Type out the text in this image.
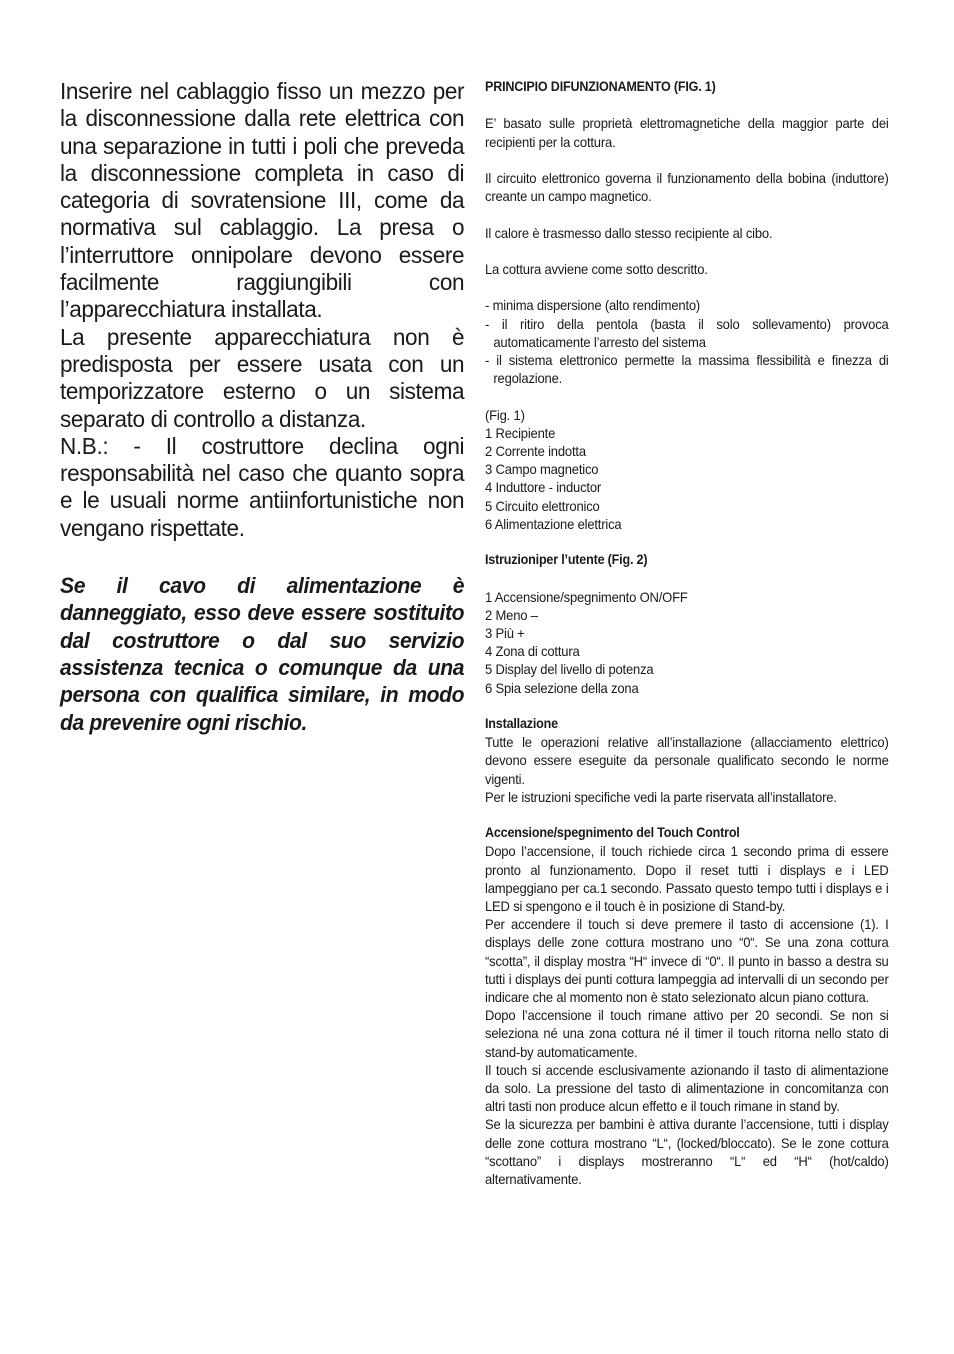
Inserire nel cablaggio fisso un mezzo per la disconnessione dalla rete elettrica con una separazione in tutti i poli che preveda la disconnessione completa in caso di categoria di sovratensione III, come da normativa sul cablaggio. La presa o l’interruttore onnipolare devono essere facilmente raggiungibili con l’apparecchiatura installata.

La presente apparecchiatura non è predisposta per essere usata con un temporizzatore esterno o un sistema separato di controllo a distanza.

N.B.: - Il costruttore declina ogni responsabilità nel caso che quanto sopra e le usuali norme antiinfortunistiche non vengano rispettate.

Se il cavo di alimentazione è danneggiato, esso deve essere sostituito dal costruttore o dal suo servizio assistenza tecnica o comunque da una persona con qualifica similare, in modo da prevenire ogni rischio.

PRINCIPIO DIFUNZIONAMENTO (FIG. 1)

E’ basato sulle proprietà elettromagnetiche della maggior parte dei recipienti per la cottura.

Il circuito elettronico governa il funzionamento della bobina (induttore) creante un campo magnetico.

Il calore è trasmesso dallo stesso recipiente al cibo.

La cottura avviene come sotto descritto.

- minima dispersione (alto rendimento)
- il ritiro della pentola (basta il solo sollevamento) provoca automaticamente l’arresto del sistema
- il sistema elettronico permette la massima flessibilità e finezza di regolazione.

(Fig. 1)

1 Recipiente
2 Corrente indotta
3 Campo magnetico
4 Induttore - inductor
5 Circuito elettronico
6 Alimentazione elettrica
Istruzioniper l’utente (Fig. 2)
1 Accensione/spegnimento ON/OFF
2 Meno –
3 Più +
4 Zona di cottura
5 Display del livello di potenza
6 Spia selezione della zona
Installazione

Tutte le operazioni relative all’installazione (allacciamento elettrico) devono essere eseguite da personale qualificato secondo le norme vigenti.

Per le istruzioni specifiche vedi la parte riservata all’installatore.

Accensione/spegnimento del Touch Control

Dopo l’accensione, il touch richiede circa 1 secondo prima di essere pronto al funzionamento. Dopo il reset tutti i displays e i LED lampeggiano per ca.1 secondo. Passato questo tempo tutti i displays e i LED si spengono e il touch è in posizione di Stand-by.

Per accendere il touch si deve premere il tasto di accensione (1). I displays delle zone cottura mostrano uno “0“. Se una zona cottura “scotta”, il display mostra “H“ invece di “0“. Il punto in basso a destra su tutti i displays dei punti cottura lampeggia ad intervalli di un secondo per indicare che al momento non è stato selezionato alcun piano cottura.

Dopo l’accensione il touch rimane attivo per 20 secondi. Se non si seleziona né una zona cottura né il timer il touch ritorna nello stato di stand-by automaticamente.

Il touch si accende esclusivamente azionando il tasto di alimentazione da solo. La pressione del tasto di alimentazione in concomitanza con altri tasti non produce alcun effetto e il touch rimane in stand by.

Se la sicurezza per bambini è attiva durante l’accensione, tutti i display delle zone cottura mostrano “L“, (locked/bloccato). Se le zone cottura “scottano” i displays mostreranno “L“ ed “H“ (hot/caldo) alternativamente.
